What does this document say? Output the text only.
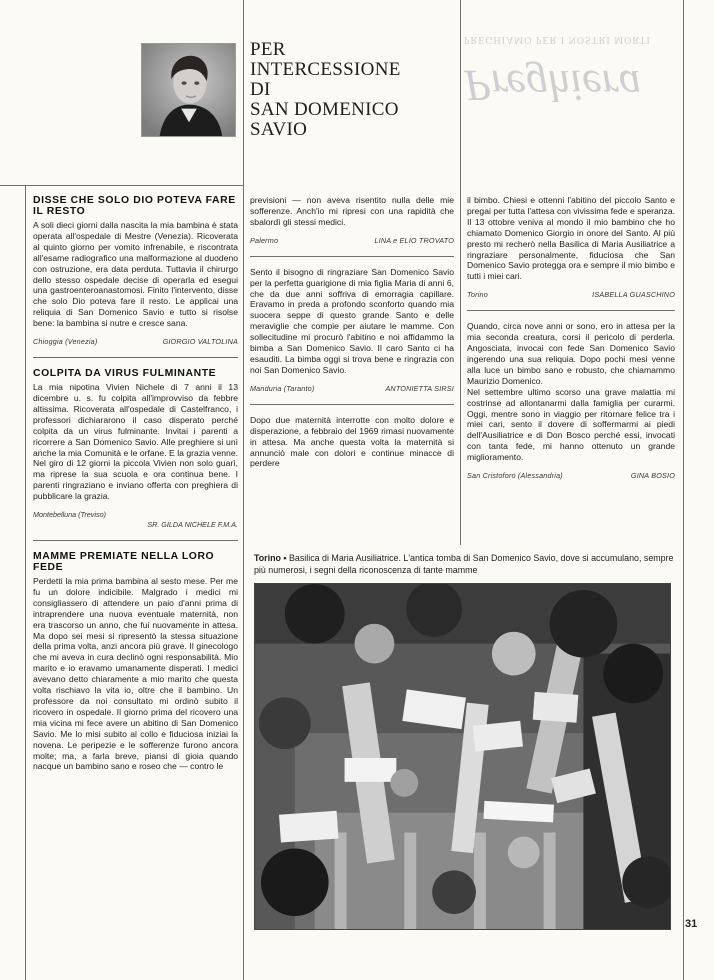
PER
INTERCESSIONE
DI
SAN DOMENICO
SAVIO
PREGHIAMO PER I NOSTRI MORTI
Preghiera
DISSE CHE SOLO DIO POTEVA FARE IL RESTO

A soli dieci giorni dalla nascita la mia bambina è stata operata all'ospedale di Mestre (Venezia). Ricoverata al quinto giorno per vomito infrenabile, e riscontrata all'esame radiografico una malformazione al duodeno con ostruzione, era data perduta. Tuttavia il chirurgo dello stesso ospedale decise di operarla ed esegui una gastroenteroanastomosi. Finito l'intervento, disse che solo Dio poteva fare il resto. Le applicai una reliquia di San Domenico Savio e tutto si risolse bene: la bambina si nutre e cresce sana.

Chioggia (Venezia)	GIORGIO VALTOLINA
COLPITA DA VIRUS FULMINANTE

La mia nipotina Vivien Nichele di 7 anni il 13 dicembre u. s. fu colpita all'improvviso da febbre altissima. Ricoverata all'ospedale di Castelfranco, i professori dichiararono il caso disperato perché colpita da un virus fulminante. Invitai i parenti a ricorrere a San Domenico Savio. Alle preghiere si unì anche la mia Comunità e le orfane. E la grazia venne. Nel giro di 12 giorni la piccola Vivien non solo guarì, ma riprese la sua scuola e ora continua bene. I parenti ringraziano e inviano offerta con preghiera di pubblicare la grazia.

Montebelluna (Treviso)
SR. GILDA NICHELE F.M.A.
MAMME PREMIATE NELLA LORO FEDE

Perdetti la mia prima bambina al sesto mese. Per me fu un dolore indicibile. Malgrado i medici mi consigliassero di attendere un paio d'anni prima di intraprendere una nuova eventuale maternità, non era trascorso un anno, che fui nuovamente in attesa. Ma dopo sei mesi si ripresentò la stessa situazione della prima volta, anzi ancora più grave. Il ginecologo che mi aveva in cura declinò ogni responsabilità. Mio marito e io eravamo umanamente disperati. I medici avevano detto chiaramente a mio marito che questa volta rischiavo la vita io, oltre che il bambino. Un professore da noi consultato mi ordinò subito il ricovero in ospedale. Il giorno prima del ricovero una mia vicina mi fece avere un abitino di San Domenico Savio. Me lo misi subito al collo e fiduciosa iniziai la novena. Le peripezie e le sofferenze furono ancora molte; ma, a farla breve, piansi di gioia quando nacque un bambino sano e roseo che — contro le

previsioni — non aveva risentito nulla delle mie sofferenze. Anch'io mi ripresi con una rapidità che sbalordì gli stessi medici.

Palermo	LINA e ELIO TROVATO

Sento il bisogno di ringraziare San Domenico Savio per la perfetta guarigione di mia figlia Maria di anni 6, che da due anni soffriva di emorragia capillare. Eravamo in preda a profondo sconforto quando mia suocera seppe di questo grande Santo e delle meraviglie che compie per aiutare le mamme. Con sollecitudine mi procurò l'abitino e noi affidammo la bimba a San Domenico Savio. Il caro Santo ci ha esauditi. La bimba oggi si trova bene e ringrazia con noi San Domenico Savio.

Manduria (Taranto)	ANTONIETTA SIRSI

Dopo due maternità interrotte con molto dolore e disperazione, a febbraio del 1969 rimasi nuovamente in attesa. Ma anche questa volta la maternità si annunciò male con dolori e continue minacce di perdere

il bimbo. Chiesi e ottenni l'abitino del piccolo Santo e pregai per tutta l'attesa con vivissima fede e speranza. Il 13 ottobre veniva al mondo il mio bambino che ho chiamato Domenico Giorgio in onore del Santo. Al più presto mi recherò nella Basilica di Maria Ausiliatrice a ringraziare personalmente, fiduciosa che San Domenico Savio protegga ora e sempre il mio bimbo e tutti i miei cari.

Torino	ISABELLA GUASCHINO

Quando, circa nove anni or sono, ero in attesa per la mia seconda creatura, corsi il pericolo di perderla. Angosciata, invocai con fede San Domenico Savio ingerendo una sua reliquia. Dopo pochi mesi venne alla luce un bimbo sano e robusto, che chiamammo Maurizio Domenico.

Nel settembre ultimo scorso una grave malattia mi costrinse ad allontanarmi dalla famiglia per curarmi. Oggi, mentre sono in viaggio per ritornare felice tra i miei cari, sento il dovere di soffermarmi ai piedi dell'Ausiliatrice e di Don Bosco perché essi, invocati con tanta fede, mi hanno ottenuto un grande miglioramento.

San Cristoforo (Alessandria)	GINA BOSIO
Torino • Basilica di Maria Ausiliatrice. L'antica tomba di San Domenico Savio, dove si accumulano, sempre più numerosi, i segni della riconoscenza di tante mamme
31
